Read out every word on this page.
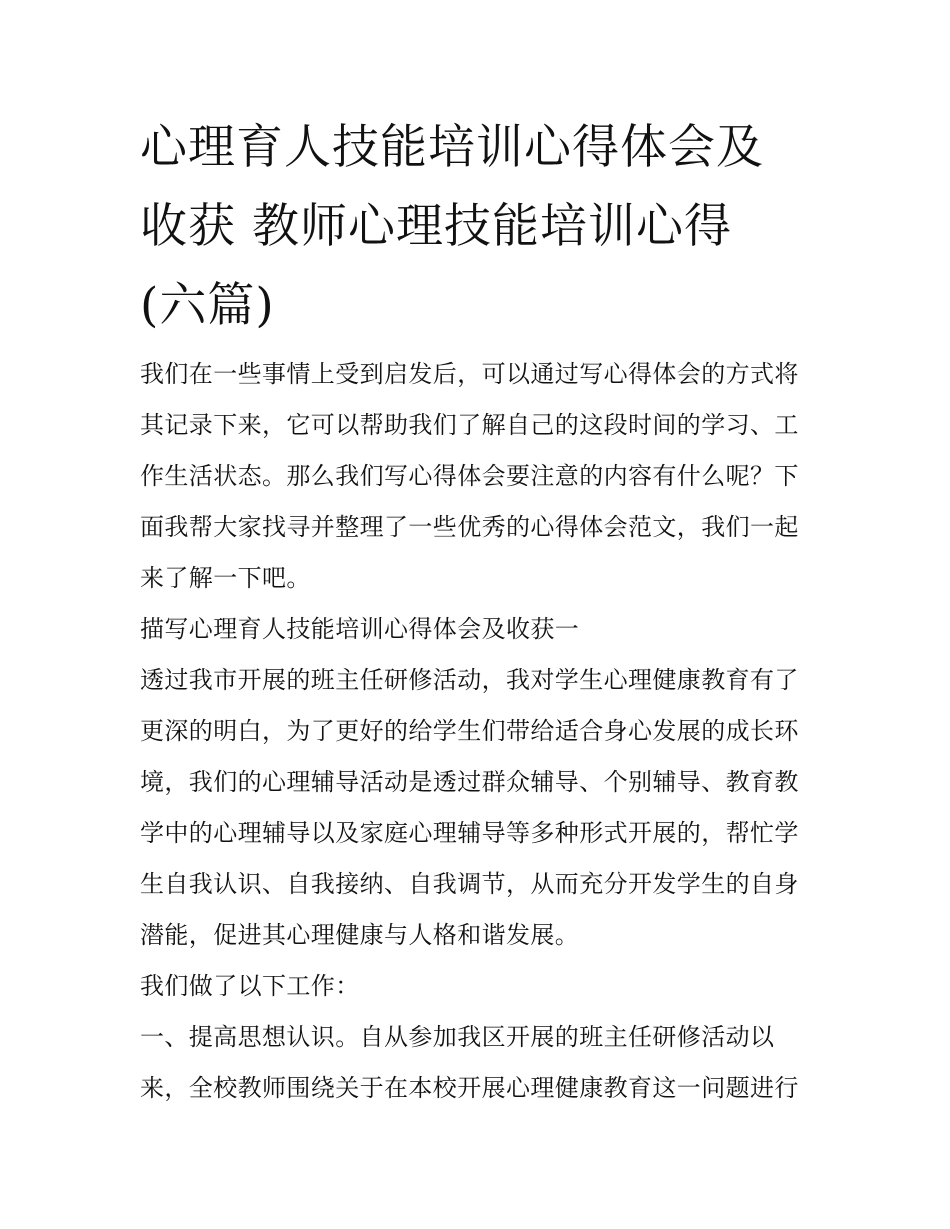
心理育人技能培训心得体会及
收获 教师心理技能培训心得
(六篇)

我们在一些事情上受到启发后，可以通过写心得体会的方式将其记录下来，它可以帮助我们了解自己的这段时间的学习、工作生活状态。那么我们写心得体会要注意的内容有什么呢？下面我帮大家找寻并整理了一些优秀的心得体会范文，我们一起来了解一下吧。

描写心理育人技能培训心得体会及收获一

透过我市开展的班主任研修活动，我对学生心理健康教育有了更深的明白，为了更好的给学生们带给适合身心发展的成长环境，我们的心理辅导活动是透过群众辅导、个别辅导、教育教学中的心理辅导以及家庭心理辅导等多种形式开展的，帮忙学生自我认识、自我接纳、自我调节，从而充分开发学生的自身潜能，促进其心理健康与人格和谐发展。

我们做了以下工作：

一、提高思想认识。自从参加我区开展的班主任研修活动以来，全校教师围绕关于在本校开展心理健康教育这一问题进行
